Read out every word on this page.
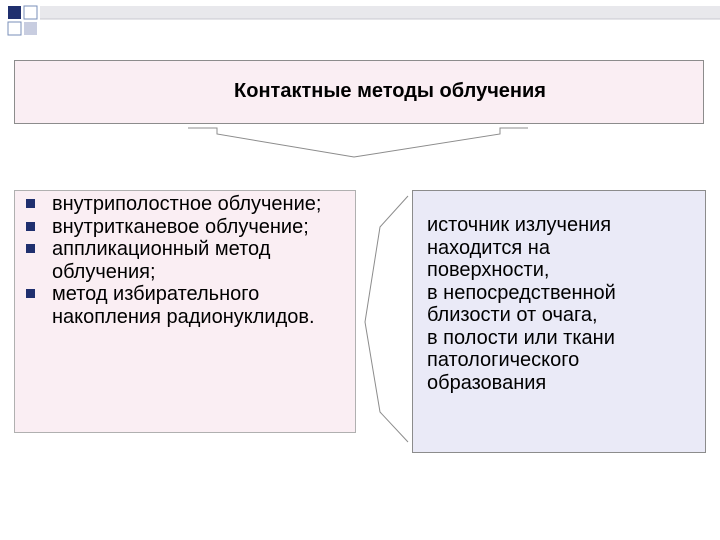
Контактные методы облучения
внутриполостное облучение;
внутритканевое облучение;
аппликационный метод облучения;
метод избирательного накопления радионуклидов.
источник излучения
находится на
поверхности,
в непосредственной
близости от очага,
в полости или ткани
патологического
образования
